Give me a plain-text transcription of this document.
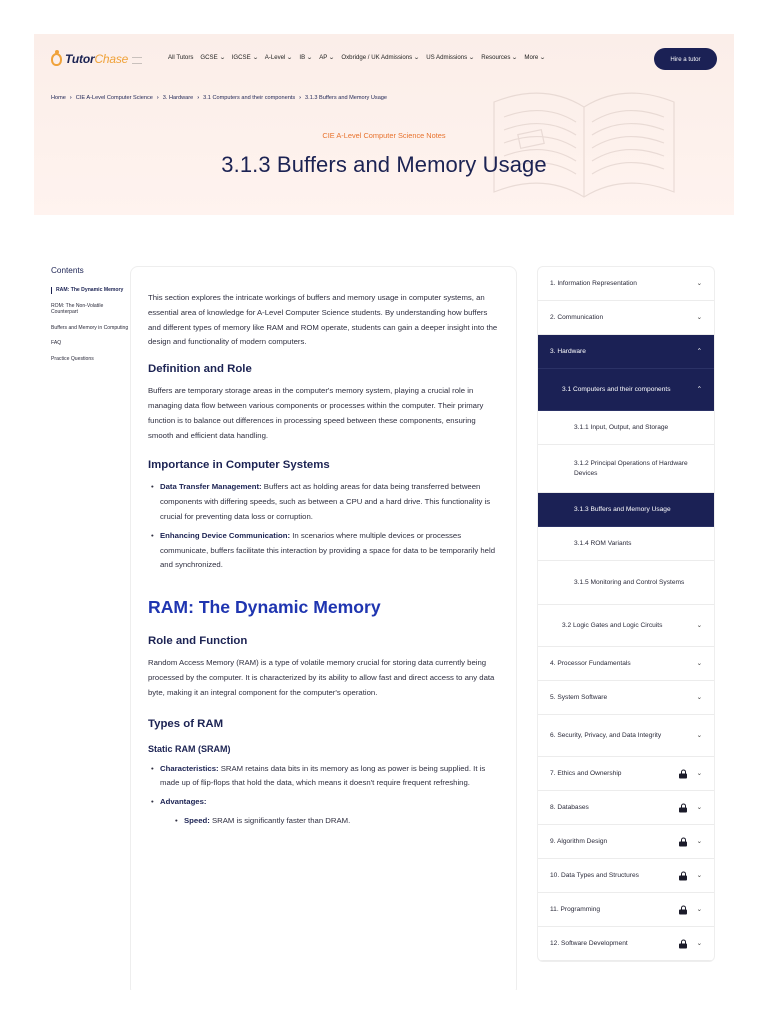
TutorChase	All Tutors GCSE ⌄ IGCSE ⌄ A-Level ⌄ IB ⌄ AP ⌄ Oxbridge / UK Admissions ⌄ US Admissions ⌄ Resources ⌄ More ⌄	Hire a tutor
Home › CIE A-Level Computer Science › 3. Hardware › 3.1 Computers and their components › 3.1.3 Buffers and Memory Usage
CIE A-Level Computer Science Notes
3.1.3 Buffers and Memory Usage
Contents
RAM: The Dynamic Memory
ROM: The Non-Volatile Counterpart
Buffers and Memory in Computing
FAQ
Practice Questions

This section explores the intricate workings of buffers and memory usage in computer systems, an essential area of knowledge for A-Level Computer Science students. By understanding how buffers and different types of memory like RAM and ROM operate, students can gain a deeper insight into the design and functionality of modern computers.

Definition and Role

Buffers are temporary storage areas in the computer's memory system, playing a crucial role in managing data flow between various components or processes within the computer. Their primary function is to balance out differences in processing speed between these components, ensuring smooth and efficient data handling.

Importance in Computer Systems
• Data Transfer Management: Buffers act as holding areas for data being transferred between components with differing speeds, such as between a CPU and a hard drive. This functionality is crucial for preventing data loss or corruption.
• Enhancing Device Communication: In scenarios where multiple devices or processes communicate, buffers facilitate this interaction by providing a space for data to be temporarily held and synchronized.
RAM: The Dynamic Memory
Role and Function

Random Access Memory (RAM) is a type of volatile memory crucial for storing data currently being processed by the computer. It is characterized by its ability to allow fast and direct access to any data byte, making it an integral component for the computer's operation.

Types of RAM
Static RAM (SRAM)
• Characteristics: SRAM retains data bits in its memory as long as power is being supplied. It is made up of flip-flops that hold the data, which means it doesn't require frequent refreshing.
• Advantages:
• Speed: SRAM is significantly faster than DRAM.
1. Information Representation	⌄
2. Communication	⌄
3. Hardware	⌃
3.1 Computers and their components	⌃
3.1.1 Input, Output, and Storage
3.1.2 Principal Operations of Hardware Devices
3.1.3 Buffers and Memory Usage
3.1.4 ROM Variants
3.1.5 Monitoring and Control Systems
3.2 Logic Gates and Logic Circuits	⌄
4. Processor Fundamentals	⌄
5. System Software	⌄
6. Security, Privacy, and Data Integrity	⌄
7. Ethics and Ownership	⌄
8. Databases	⌄
9. Algorithm Design	⌄
10. Data Types and Structures	⌄
11. Programming	⌄
12. Software Development	⌄
